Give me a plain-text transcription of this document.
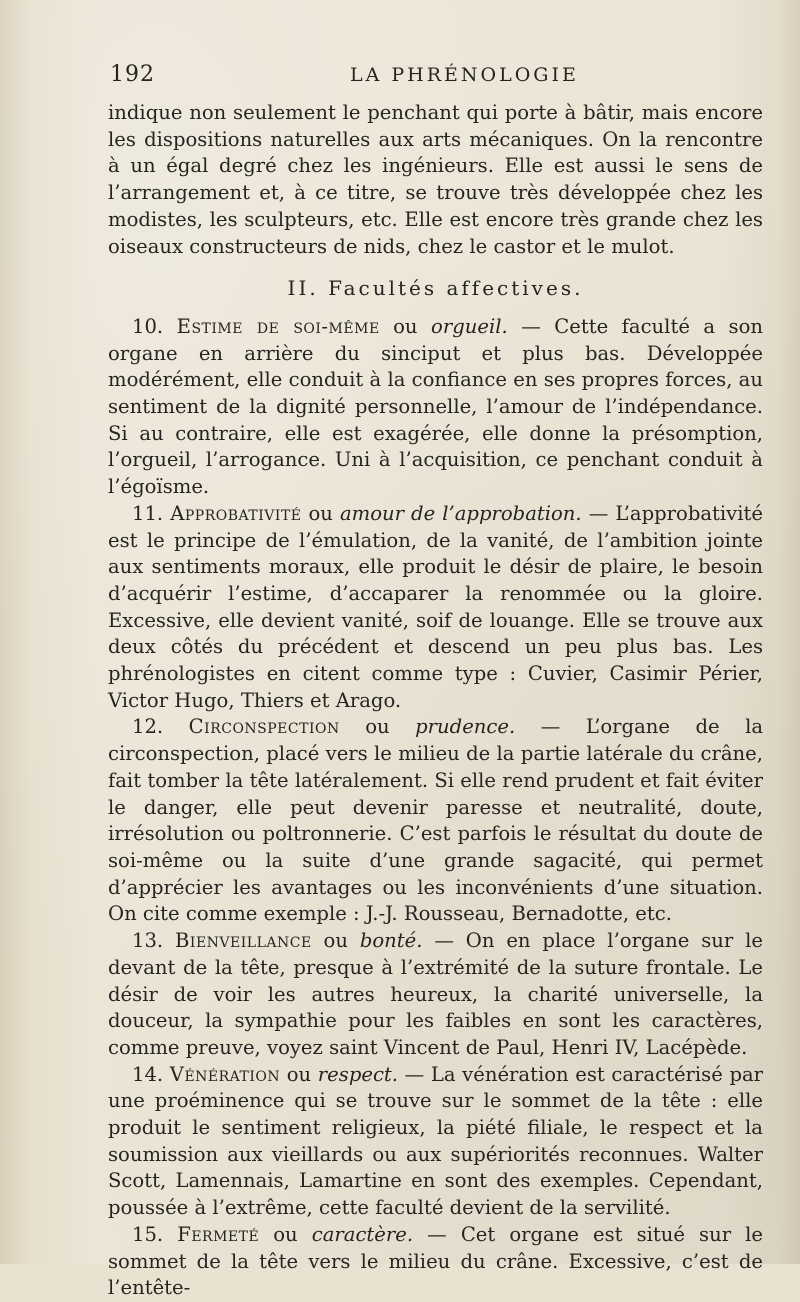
192	LA PHRÉNOLOGIE

indique non seulement le penchant qui porte à bâtir, mais encore les dispositions naturelles aux arts mécaniques. On la rencontre à un égal degré chez les ingénieurs. Elle est aussi le sens de l’arrangement et, à ce titre, se trouve très développée chez les modistes, les sculpteurs, etc. Elle est encore très grande chez les oiseaux constructeurs de nids, chez le castor et le mulot.

II. Facultés affectives.

10. Estime de soi-même ou orgueil. — Cette faculté a son organe en arrière du sinciput et plus bas. Développée modérément, elle conduit à la confiance en ses propres forces, au sentiment de la dignité personnelle, l’amour de l’indépendance. Si au contraire, elle est exagérée, elle donne la présomption, l’orgueil, l’arrogance. Uni à l’acquisition, ce penchant conduit à l’égoïsme.

11. Approbativité ou amour de l’approbation. — L’approbativité est le principe de l’émulation, de la vanité, de l’ambition jointe aux sentiments moraux, elle produit le désir de plaire, le besoin d’acquérir l’estime, d’accaparer la renommée ou la gloire. Excessive, elle devient vanité, soif de louange. Elle se trouve aux deux côtés du précédent et descend un peu plus bas. Les phrénologistes en citent comme type : Cuvier, Casimir Périer, Victor Hugo, Thiers et Arago.

12. Circonspection ou prudence. — L’organe de la circonspection, placé vers le milieu de la partie latérale du crâne, fait tomber la tête latéralement. Si elle rend prudent et fait éviter le danger, elle peut devenir paresse et neutralité, doute, irrésolution ou poltronnerie. C’est parfois le résultat du doute de soi-même ou la suite d’une grande sagacité, qui permet d’apprécier les avantages ou les inconvénients d’une situation. On cite comme exemple : J.-J. Rousseau, Bernadotte, etc.

13. Bienveillance ou bonté. — On en place l’organe sur le devant de la tête, presque à l’extrémité de la suture frontale. Le désir de voir les autres heureux, la charité universelle, la douceur, la sympathie pour les faibles en sont les caractères, comme preuve, voyez saint Vincent de Paul, Henri IV, Lacépède.

14. Vénération ou respect. — La vénération est caractérisé par une proéminence qui se trouve sur le sommet de la tête : elle produit le sentiment religieux, la piété filiale, le respect et la soumission aux vieillards ou aux supériorités reconnues. Walter Scott, Lamennais, Lamartine en sont des exemples. Cependant, poussée à l’extrême, cette faculté devient de la servilité.

15. Fermeté ou caractère. — Cet organe est situé sur le sommet de la tête vers le milieu du crâne. Excessive, c’est de l’entête-
